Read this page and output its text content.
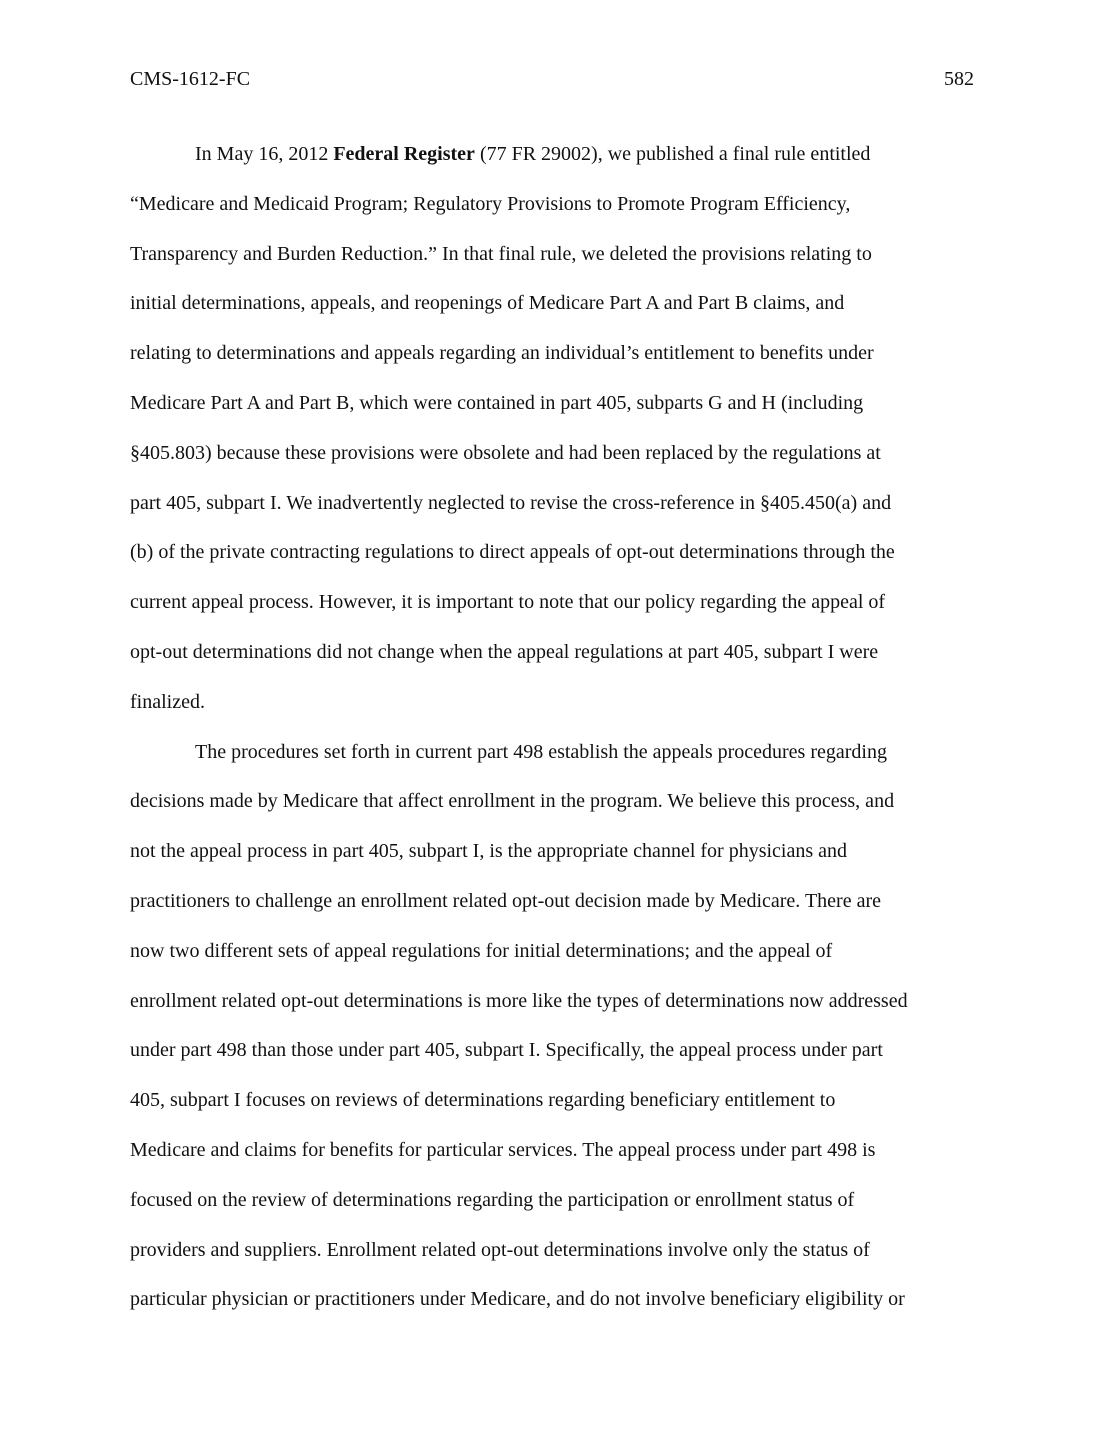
CMS-1612-FC	582
In May 16, 2012 Federal Register (77 FR 29002), we published a final rule entitled
“Medicare and Medicaid Program; Regulatory Provisions to Promote Program Efficiency,
Transparency and Burden Reduction.” In that final rule, we deleted the provisions relating to
initial determinations, appeals, and reopenings of Medicare Part A and Part B claims, and
relating to determinations and appeals regarding an individual’s entitlement to benefits under
Medicare Part A and Part B, which were contained in part 405, subparts G and H (including
§405.803) because these provisions were obsolete and had been replaced by the regulations at
part 405, subpart I. We inadvertently neglected to revise the cross-reference in §405.450(a) and
(b) of the private contracting regulations to direct appeals of opt-out determinations through the
current appeal process. However, it is important to note that our policy regarding the appeal of
opt-out determinations did not change when the appeal regulations at part 405, subpart I were
finalized.
The procedures set forth in current part 498 establish the appeals procedures regarding
decisions made by Medicare that affect enrollment in the program. We believe this process, and
not the appeal process in part 405, subpart I, is the appropriate channel for physicians and
practitioners to challenge an enrollment related opt-out decision made by Medicare. There are
now two different sets of appeal regulations for initial determinations; and the appeal of
enrollment related opt-out determinations is more like the types of determinations now addressed
under part 498 than those under part 405, subpart I. Specifically, the appeal process under part
405, subpart I focuses on reviews of determinations regarding beneficiary entitlement to
Medicare and claims for benefits for particular services. The appeal process under part 498 is
focused on the review of determinations regarding the participation or enrollment status of
providers and suppliers. Enrollment related opt-out determinations involve only the status of
particular physician or practitioners under Medicare, and do not involve beneficiary eligibility or
